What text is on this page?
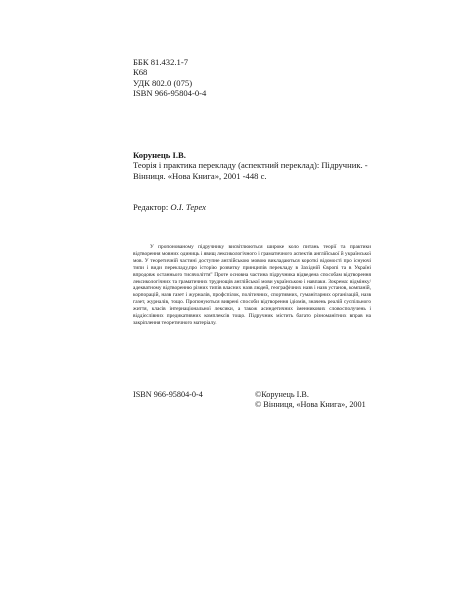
ББК 81.432.1-7
К68
УДК 802.0 (075)
ISBN 966-95804-0-4
Корунець І.В.
Теорія і практика перекладу (аспектний переклад): Підручник. - Вінниця. «Нова Книга», 2001 -448 с.
Редактор: О.І. Терех
У пропонованому підручнику висвітлюються широке коло питань теорії та практики відтворення мовних одиниць і явищ лексикологічного і граматичного аспектів англійської й української мов. У теоретичній частині доступне англійською мовою викладаються короткі відомості про існуючі типи і види перекладу,про історію розвитку принципів перекладу в Західній Європі та в Україні впродовж останнього тисячоліття" Проте основна частина підручника відведена способам відтворення лексикологічних та граматичних труднощів англійської мови українською і навпаки. Зокрема: відмінку/адекватному відтворенню різних типів власних назв людей, географічних назв і назв установ, компаній, корпорацій, назв газет і журналів, профспілок, політичних, спортивних, гуманітарних організацій, назв газет, журналів, тощо. Пропонуються виврені способи відтворення ідіомів, значень реалій суспільного життя, класів інтернаціональної лексики, а також асиндетичних іменникових словосполучень і віддієслівних предикативних комплексів тощо. Підручник містить багато різноманітних вправ на закріплення теоретичного матеріалу.
ISBN 966-95804-0-4	©Корунець І.В.
© Вінниця, «Нова Книга», 2001
